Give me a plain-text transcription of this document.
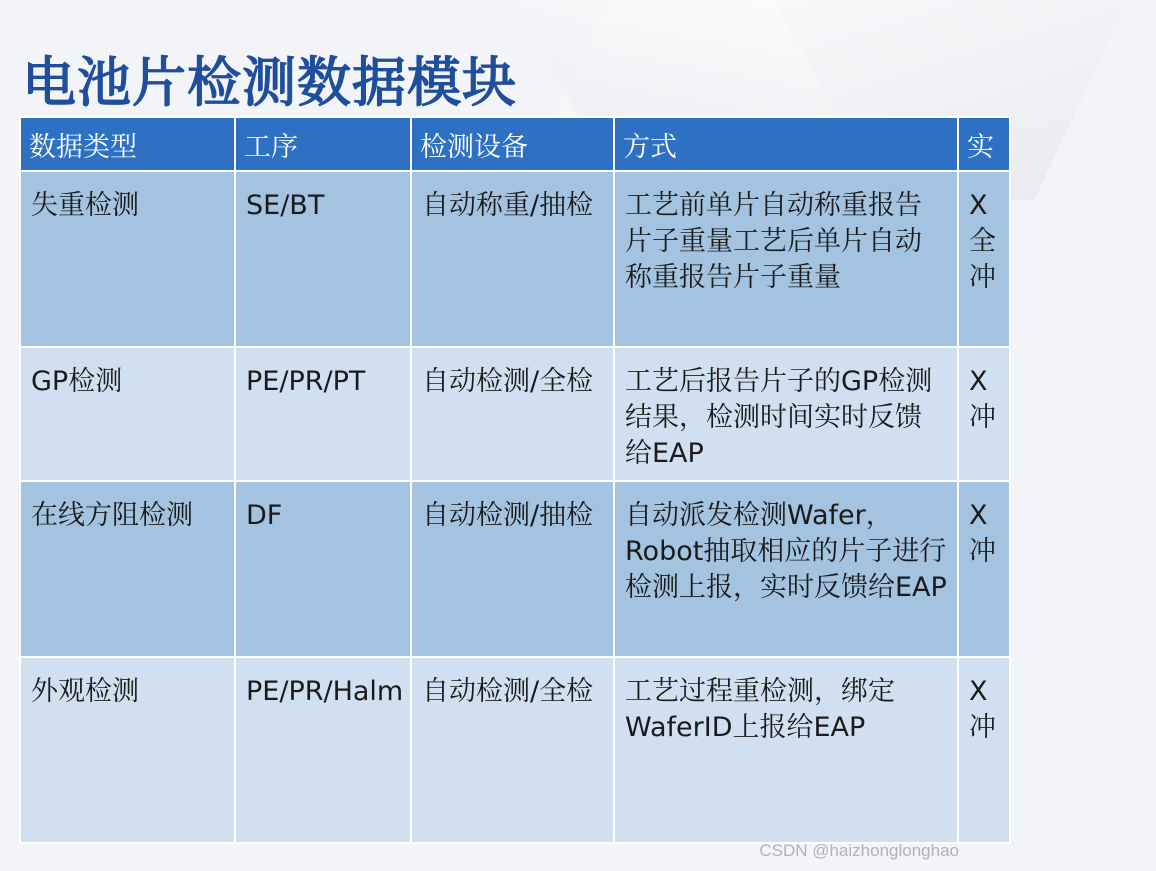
电池片检测数据模块
数据类型	工序	检测设备	方式	实
失重检测	SE/BT	自动称重/抽检	工艺前单片自动称重报告片子重量工艺后单片自动称重报告片子重量	X 全 冲
GP检测	PE/PR/PT	自动检测/全检	工艺后报告片子的GP检测结果，检测时间实时反馈给EAP	X 冲
在线方阻检测	DF	自动检测/抽检	自动派发检测Wafer，Robot抽取相应的片子进行检测上报，实时反馈给EAP	X 冲
外观检测	PE/PR/Halm	自动检测/全检	工艺过程重检测，绑定WaferID上报给EAP	X 冲
CSDN @haizhonglonghao
